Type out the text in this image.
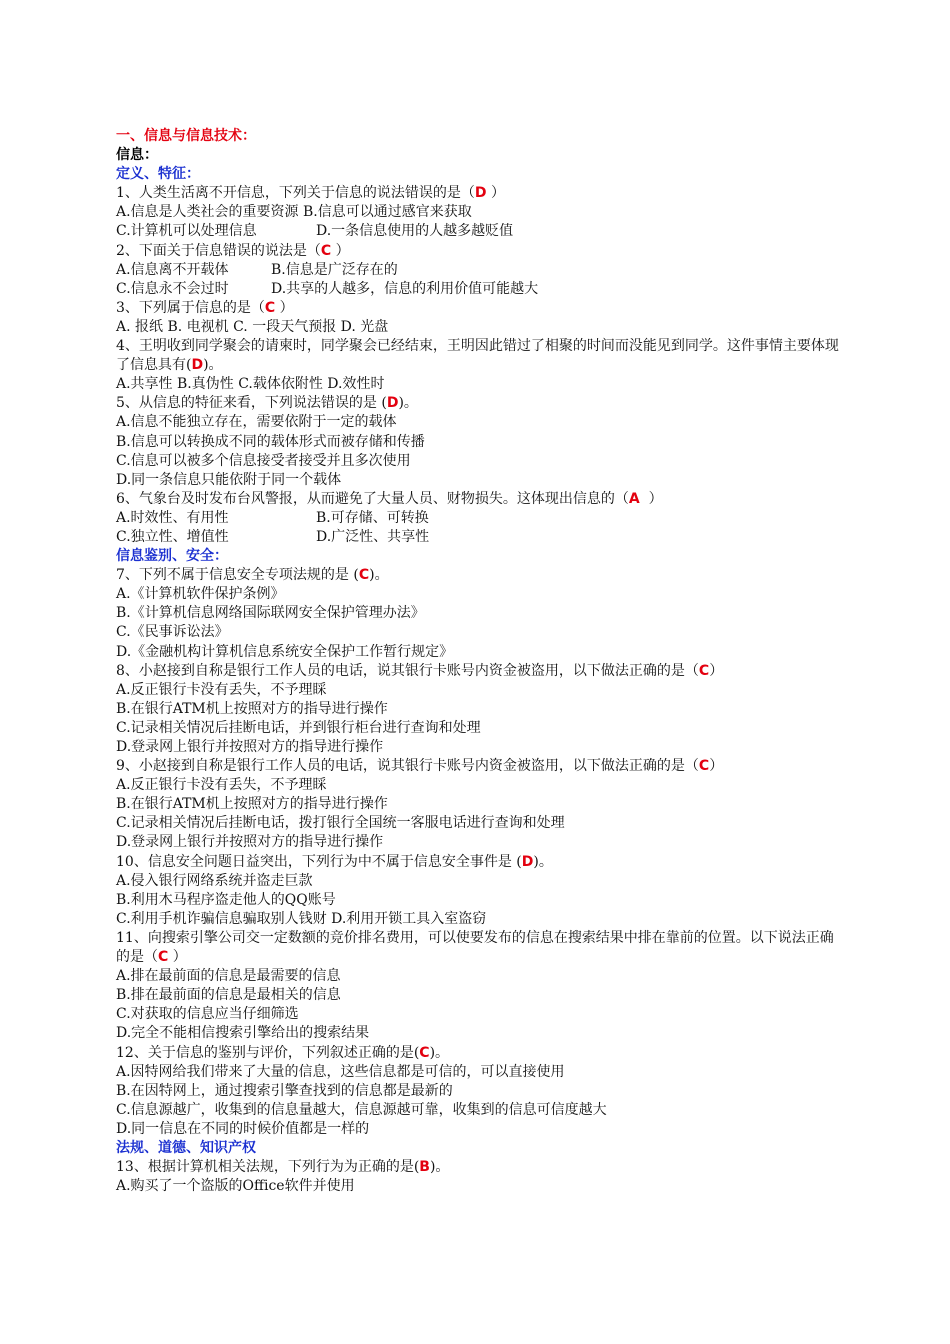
一、信息与信息技术：
信息：
定义、特征：
1、人类生活离不开信息，下列关于信息的说法错误的是（D ）
A.信息是人类社会的重要资源 B.信息可以通过感官来获取
C.计算机可以处理信息	D.一条信息使用的人越多越贬值
2、下面关于信息错误的说法是（C ）
A.信息离不开载体	B.信息是广泛存在的
C.信息永不会过时	D.共享的人越多，信息的利用价值可能越大
3、下列属于信息的是（C ）
A. 报纸 B. 电视机 C. 一段天气预报 D. 光盘
4、王明收到同学聚会的请柬时，同学聚会已经结束，王明因此错过了相聚的时间而没能见到同学。这件事情主要体现了信息具有(D)。
A.共享性 B.真伪性 C.载体依附性 D.效性时
5、从信息的特征来看，下列说法错误的是 (D)。
A.信息不能独立存在，需要依附于一定的载体
B.信息可以转换成不同的载体形式而被存储和传播
C.信息可以被多个信息接受者接受并且多次使用
D.同一条信息只能依附于同一个载体
6、气象台及时发布台风警报，从而避免了大量人员、财物损失。这体现出信息的（A  ）
A.时效性、有用性	B.可存储、可转换
C.独立性、增值性	D.广泛性、共享性
信息鉴别、安全：
7、下列不属于信息安全专项法规的是 (C)。
A.《计算机软件保护条例》
B.《计算机信息网络国际联网安全保护管理办法》
C.《民事诉讼法》
D.《金融机构计算机信息系统安全保护工作暂行规定》
8、小赵接到自称是银行工作人员的电话，说其银行卡账号内资金被盗用，以下做法正确的是（C）
A.反正银行卡没有丢失，不予理睬
B.在银行ATM机上按照对方的指导进行操作
C.记录相关情况后挂断电话，并到银行柜台进行查询和处理
D.登录网上银行并按照对方的指导进行操作
9、小赵接到自称是银行工作人员的电话，说其银行卡账号内资金被盗用，以下做法正确的是（C）
A.反正银行卡没有丢失，不予理睬
B.在银行ATM机上按照对方的指导进行操作
C.记录相关情况后挂断电话，拨打银行全国统一客服电话进行查询和处理
D.登录网上银行并按照对方的指导进行操作
10、信息安全问题日益突出，下列行为中不属于信息安全事件是 (D)。
A.侵入银行网络系统并盗走巨款
B.利用木马程序盗走他人的QQ账号
C.利用手机诈骗信息骗取别人钱财 D.利用开锁工具入室盗窃
11、向搜索引擎公司交一定数额的竞价排名费用，可以使要发布的信息在搜索结果中排在靠前的位置。以下说法正确的是（C ）
A.排在最前面的信息是最需要的信息
B.排在最前面的信息是最相关的信息
C.对获取的信息应当仔细筛选
D.完全不能相信搜索引擎给出的搜索结果
12、关于信息的鉴别与评价，下列叙述正确的是(C)。
A.因特网给我们带来了大量的信息，这些信息都是可信的，可以直接使用
B.在因特网上，通过搜索引擎查找到的信息都是最新的
C.信息源越广，收集到的信息量越大，信息源越可靠，收集到的信息可信度越大
D.同一信息在不同的时候价值都是一样的
法规、道德、知识产权
13、根据计算机相关法规，下列行为为正确的是(B)。
A.购买了一个盗版的Office软件并使用
